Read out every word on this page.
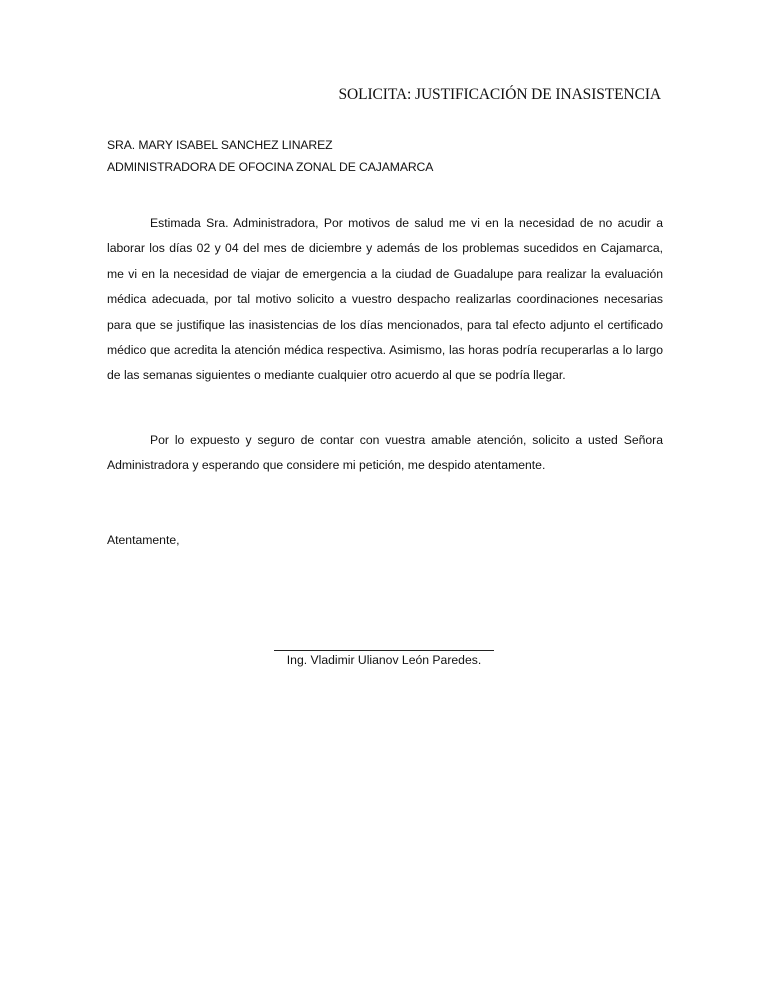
SOLICITA: JUSTIFICACIÓN DE INASISTENCIA
SRA. MARY ISABEL SANCHEZ LINAREZ
ADMINISTRADORA DE OFOCINA ZONAL DE CAJAMARCA
Estimada Sra. Administradora, Por motivos de salud me vi en la necesidad de no acudir a laborar los días 02 y 04 del mes de diciembre y además de los problemas sucedidos en Cajamarca, me vi en la necesidad de viajar de emergencia a la ciudad de Guadalupe para realizar la evaluación médica adecuada, por tal motivo solicito a vuestro despacho realizarlas coordinaciones necesarias para que se justifique las inasistencias de los días mencionados, para tal efecto adjunto el certificado médico que acredita la atención médica respectiva. Asimismo, las horas podría recuperarlas a lo largo de las semanas siguientes o mediante cualquier otro acuerdo al que se podría llegar.
Por lo expuesto y seguro de contar con vuestra amable atención, solicito a usted Señora Administradora y esperando que considere mi petición, me despido atentamente.
Atentamente,
Ing. Vladimir Ulianov León Paredes.
